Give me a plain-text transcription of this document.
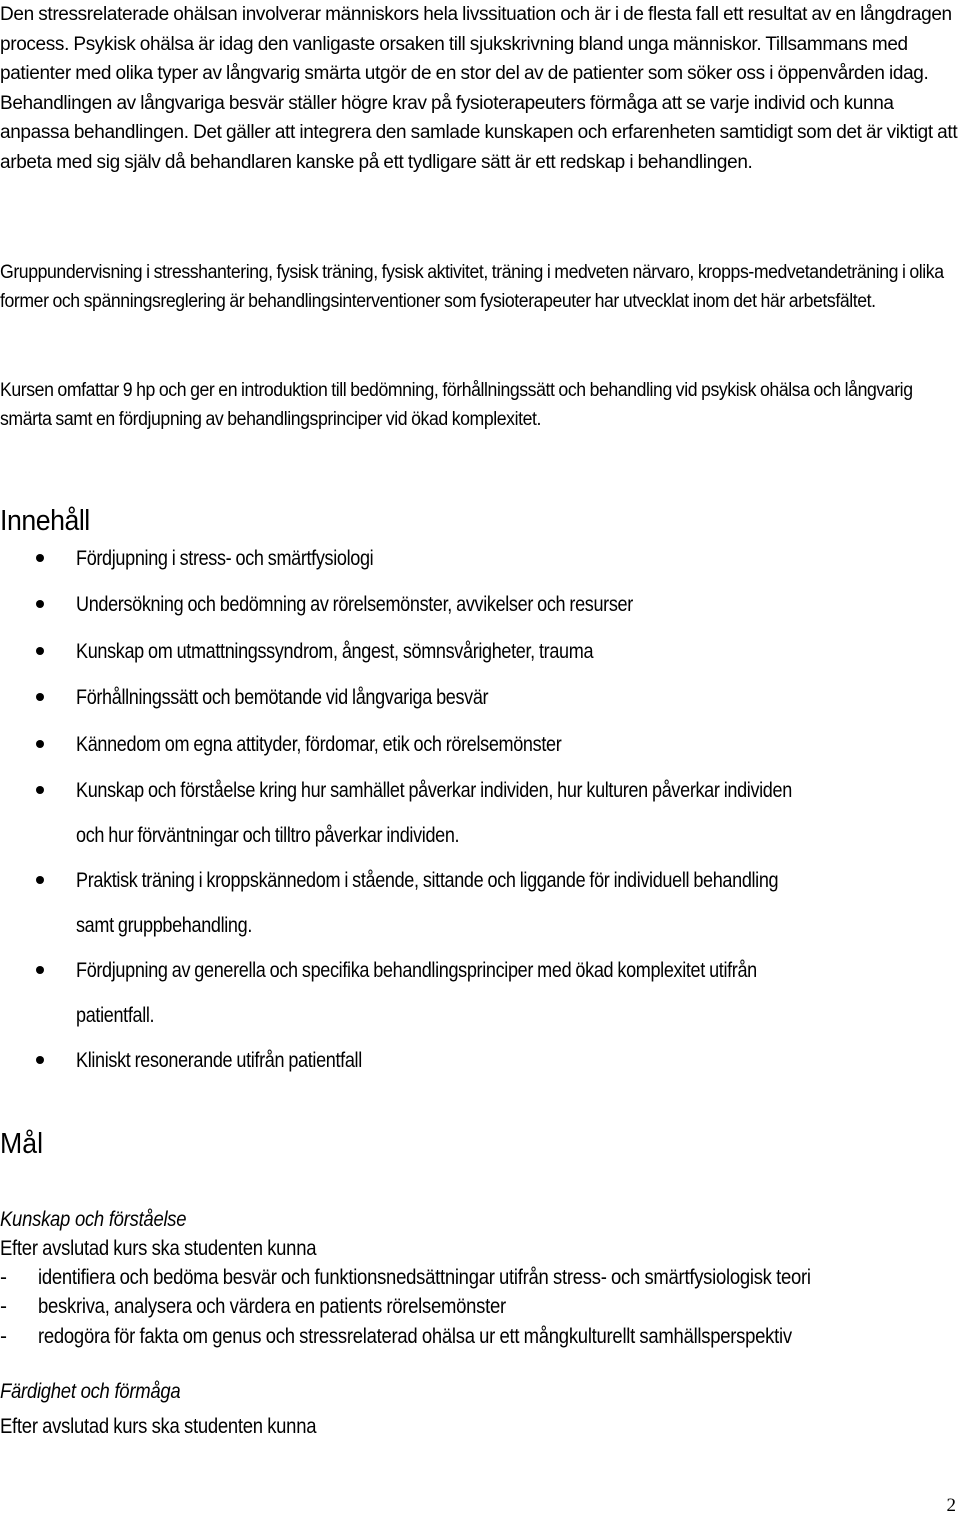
Den stressrelaterade ohälsan involverar människors hela livssituation och är i de flesta fall ett resultat av en långdragen process. Psykisk ohälsa är idag den vanligaste orsaken till sjukskrivning bland unga människor. Tillsammans med patienter med olika typer av långvarig smärta utgör de en stor del av de patienter som söker oss i öppenvården idag.

Behandlingen av långvariga besvär ställer högre krav på fysioterapeuters förmåga att se varje individ och kunna anpassa behandlingen. Det gäller att integrera den samlade kunskapen och erfarenheten samtidigt som det är viktigt att arbeta med sig själv då behandlaren kanske på ett tydligare sätt är ett redskap i behandlingen.

Gruppundervisning i stresshantering, fysisk träning, fysisk aktivitet, träning i medveten närvaro, kropps-medvetandeträning i olika former och spänningsreglering är behandlingsinterventioner som fysioterapeuter har utvecklat inom det här arbetsfältet.

Kursen omfattar 9 hp och ger en introduktion till bedömning, förhållningssätt och behandling vid psykisk ohälsa och långvarig smärta samt en fördjupning av behandlingsprinciper vid ökad komplexitet.

Innehåll
Fördjupning i stress- och smärtfysiologi
Undersökning och bedömning av rörelsemönster, avvikelser och resurser
Kunskap om utmattningssyndrom, ångest, sömnsvårigheter, trauma
Förhållningssätt och bemötande vid långvariga besvär
Kännedom om egna attityder, fördomar, etik och rörelsemönster
Kunskap och förståelse kring hur samhället påverkar individen, hur kulturen påverkar individen
och hur förväntningar och tilltro påverkar individen.
Praktisk träning i kroppskännedom i stående, sittande och liggande för individuell behandling
samt gruppbehandling.
Fördjupning av generella och specifika behandlingsprinciper med ökad komplexitet utifrån
patientfall.
Kliniskt resonerande utifrån patientfall
Mål

Kunskap och förståelse

Efter avslutad kurs ska studenten kunna

- identifiera och bedöma besvär och funktionsnedsättningar utifrån stress- och smärtfysiologisk teori
- beskriva, analysera och värdera en patients rörelsemönster
- redogöra för fakta om genus och stressrelaterad ohälsa ur ett mångkulturellt samhällsperspektiv

Färdighet och förmåga

Efter avslutad kurs ska studenten kunna

2
